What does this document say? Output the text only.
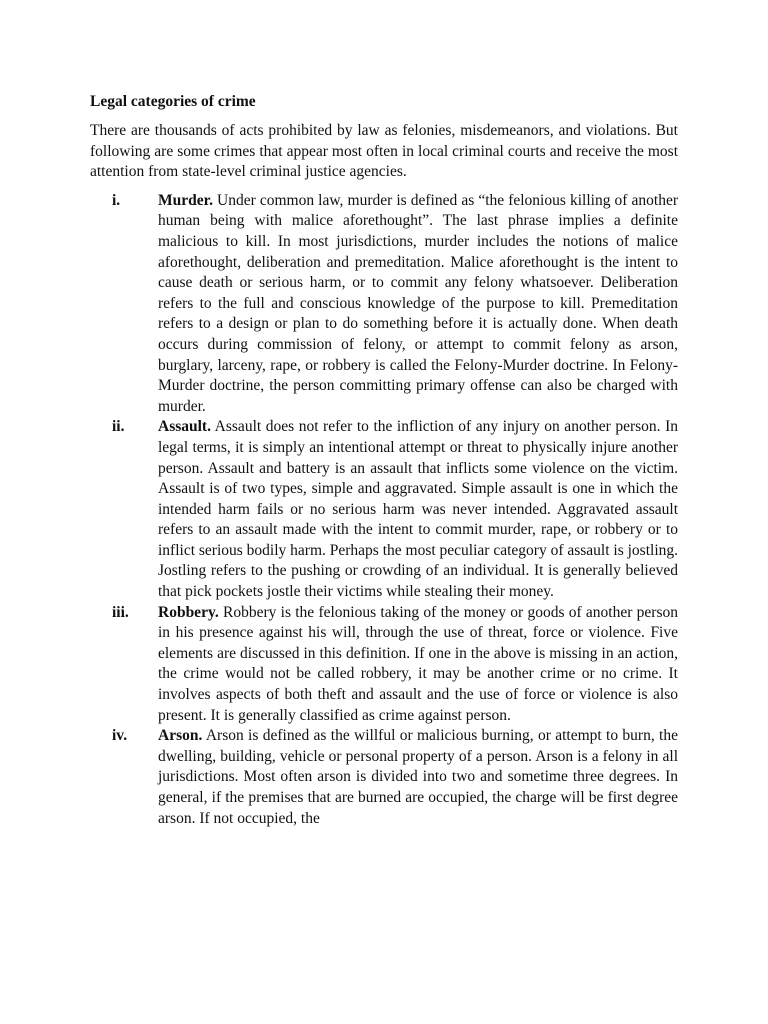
Legal categories of crime

There are thousands of acts prohibited by law as felonies, misdemeanors, and violations. But following are some crimes that appear most often in local criminal courts and receive the most attention from state-level criminal justice agencies.

i. Murder. Under common law, murder is defined as “the felonious killing of another human being with malice aforethought”. The last phrase implies a definite malicious to kill. In most jurisdictions, murder includes the notions of malice aforethought, deliberation and premeditation. Malice aforethought is the intent to cause death or serious harm, or to commit any felony whatsoever. Deliberation refers to the full and conscious knowledge of the purpose to kill. Premeditation refers to a design or plan to do something before it is actually done. When death occurs during commission of felony, or attempt to commit felony as arson, burglary, larceny, rape, or robbery is called the Felony-Murder doctrine. In Felony-Murder doctrine, the person committing primary offense can also be charged with murder.
ii. Assault. Assault does not refer to the infliction of any injury on another person. In legal terms, it is simply an intentional attempt or threat to physically injure another person. Assault and battery is an assault that inflicts some violence on the victim. Assault is of two types, simple and aggravated. Simple assault is one in which the intended harm fails or no serious harm was never intended. Aggravated assault refers to an assault made with the intent to commit murder, rape, or robbery or to inflict serious bodily harm. Perhaps the most peculiar category of assault is jostling. Jostling refers to the pushing or crowding of an individual. It is generally believed that pick pockets jostle their victims while stealing their money.
iii. Robbery. Robbery is the felonious taking of the money or goods of another person in his presence against his will, through the use of threat, force or violence. Five elements are discussed in this definition. If one in the above is missing in an action, the crime would not be called robbery, it may be another crime or no crime. It involves aspects of both theft and assault and the use of force or violence is also present. It is generally classified as crime against person.
iv. Arson. Arson is defined as the willful or malicious burning, or attempt to burn, the dwelling, building, vehicle or personal property of a person. Arson is a felony in all jurisdictions. Most often arson is divided into two and sometime three degrees. In general, if the premises that are burned are occupied, the charge will be first degree arson. If not occupied, the
